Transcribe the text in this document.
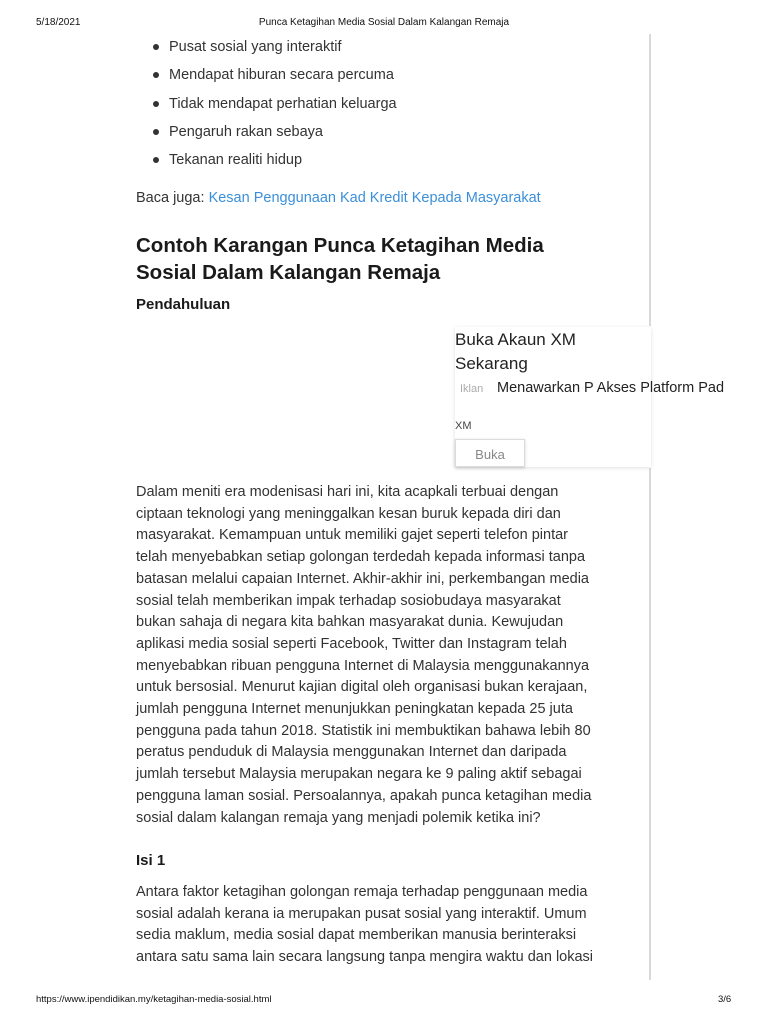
5/18/2021	Punca Ketagihan Media Sosial Dalam Kalangan Remaja
Pusat sosial yang interaktif
Mendapat hiburan secara percuma
Tidak mendapat perhatian keluarga
Pengaruh rakan sebaya
Tekanan realiti hidup
Baca juga: Kesan Penggunaan Kad Kredit Kepada Masyarakat
Contoh Karangan Punca Ketagihan Media Sosial Dalam Kalangan Remaja
Pendahuluan
Buka Akaun XM Sekarang
Menawarkan P Akses Platform Pad
Iklan
XM
Buka

Dalam meniti era modenisasi hari ini, kita acapkali terbuai dengan
ciptaan teknologi yang meninggalkan kesan buruk kepada diri dan
masyarakat. Kemampuan untuk memiliki gajet seperti telefon pintar
telah menyebabkan setiap golongan terdedah kepada informasi tanpa
batasan melalui capaian Internet. Akhir-akhir ini, perkembangan media
sosial telah memberikan impak terhadap sosiobudaya masyarakat
bukan sahaja di negara kita bahkan masyarakat dunia. Kewujudan
aplikasi media sosial seperti Facebook, Twitter dan Instagram telah
menyebabkan ribuan pengguna Internet di Malaysia menggunakannya
untuk bersosial. Menurut kajian digital oleh organisasi bukan kerajaan,
jumlah pengguna Internet menunjukkan peningkatan kepada 25 juta
pengguna pada tahun 2018. Statistik ini membuktikan bahawa lebih 80
peratus penduduk di Malaysia menggunakan Internet dan daripada
jumlah tersebut Malaysia merupakan negara ke 9 paling aktif sebagai
pengguna laman sosial. Persoalannya, apakah punca ketagihan media
sosial dalam kalangan remaja yang menjadi polemik ketika ini?

Isi 1

Antara faktor ketagihan golongan remaja terhadap penggunaan media
sosial adalah kerana ia merupakan pusat sosial yang interaktif. Umum
sedia maklum, media sosial dapat memberikan manusia berinteraksi
antara satu sama lain secara langsung tanpa mengira waktu dan lokasi

https://www.ipendidikan.my/ketagihan-media-sosial.html	3/6
